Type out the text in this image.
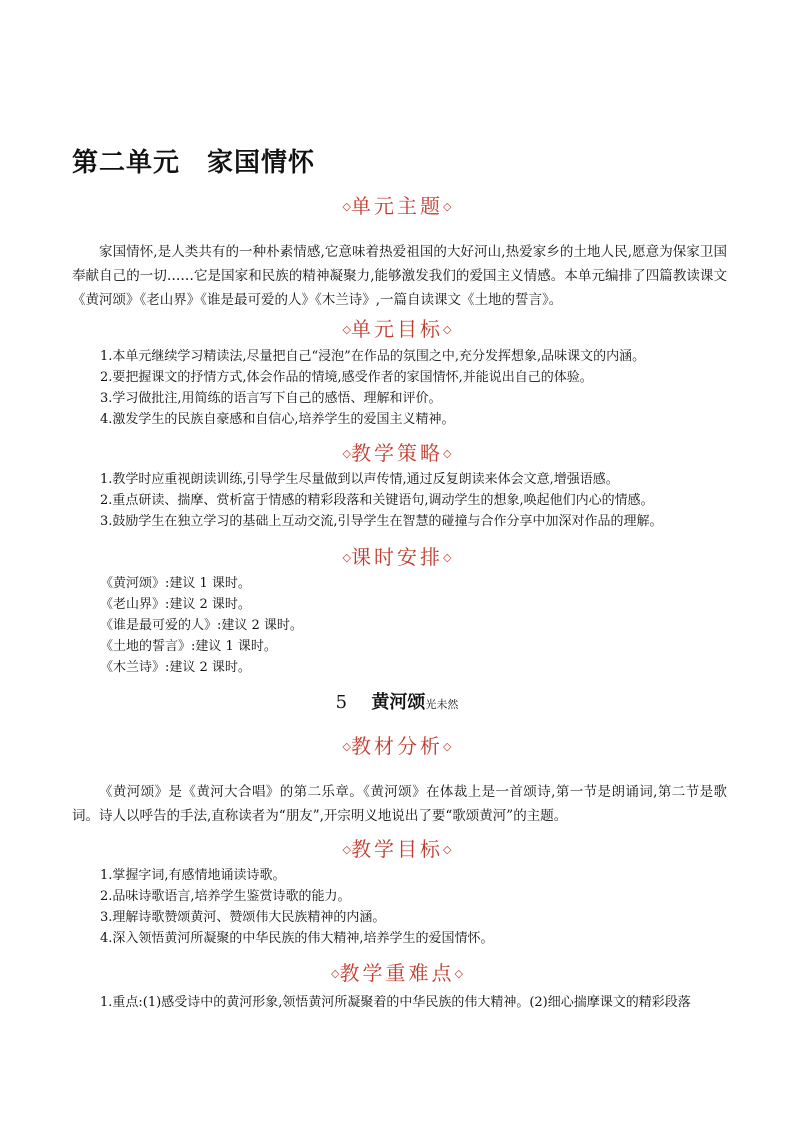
第二单元　家国情怀
◇单元主题◇
家国情怀,是人类共有的一种朴素情感,它意味着热爱祖国的大好河山,热爱家乡的土地人民,愿意为保家卫国奉献自己的一切……它是国家和民族的精神凝聚力,能够激发我们的爱国主义情感。本单元编排了四篇教读课文《黄河颂》《老山界》《谁是最可爱的人》《木兰诗》,一篇自读课文《土地的誓言》。
◇单元目标◇
1.本单元继续学习精读法,尽量把自己“浸泡”在作品的氛围之中,充分发挥想象,品味课文的内涵。
2.要把握课文的抒情方式,体会作品的情境,感受作者的家国情怀,并能说出自己的体验。
3.学习做批注,用简练的语言写下自己的感悟、理解和评价。
4.激发学生的民族自豪感和自信心,培养学生的爱国主义精神。
◇教学策略◇
1.教学时应重视朗读训练,引导学生尽量做到以声传情,通过反复朗读来体会文意,增强语感。
2.重点研读、揣摩、赏析富于情感的精彩段落和关键语句,调动学生的想象,唤起他们内心的情感。
3.鼓励学生在独立学习的基础上互动交流,引导学生在智慧的碰撞与合作分享中加深对作品的理解。
◇课时安排◇
《黄河颂》:建议 1 课时。
《老山界》:建议 2 课时。
《谁是最可爱的人》:建议 2 课时。
《土地的誓言》:建议 1 课时。
《木兰诗》:建议 2 课时。
5　 黄河颂光未然
◇教材分析◇
《黄河颂》是《黄河大合唱》的第二乐章。《黄河颂》在体裁上是一首颂诗,第一节是朗诵词,第二节是歌词。诗人以呼告的手法,直称读者为“朋友”,开宗明义地说出了要“歌颂黄河”的主题。
◇教学目标◇
1.掌握字词,有感情地诵读诗歌。
2.品味诗歌语言,培养学生鉴赏诗歌的能力。
3.理解诗歌赞颂黄河、赞颂伟大民族精神的内涵。
4.深入领悟黄河所凝聚的中华民族的伟大精神,培养学生的爱国情怀。
◇教学重难点◇
1.重点:(1)感受诗中的黄河形象,领悟黄河所凝聚着的中华民族的伟大精神。(2)细心揣摩课文的精彩段落
